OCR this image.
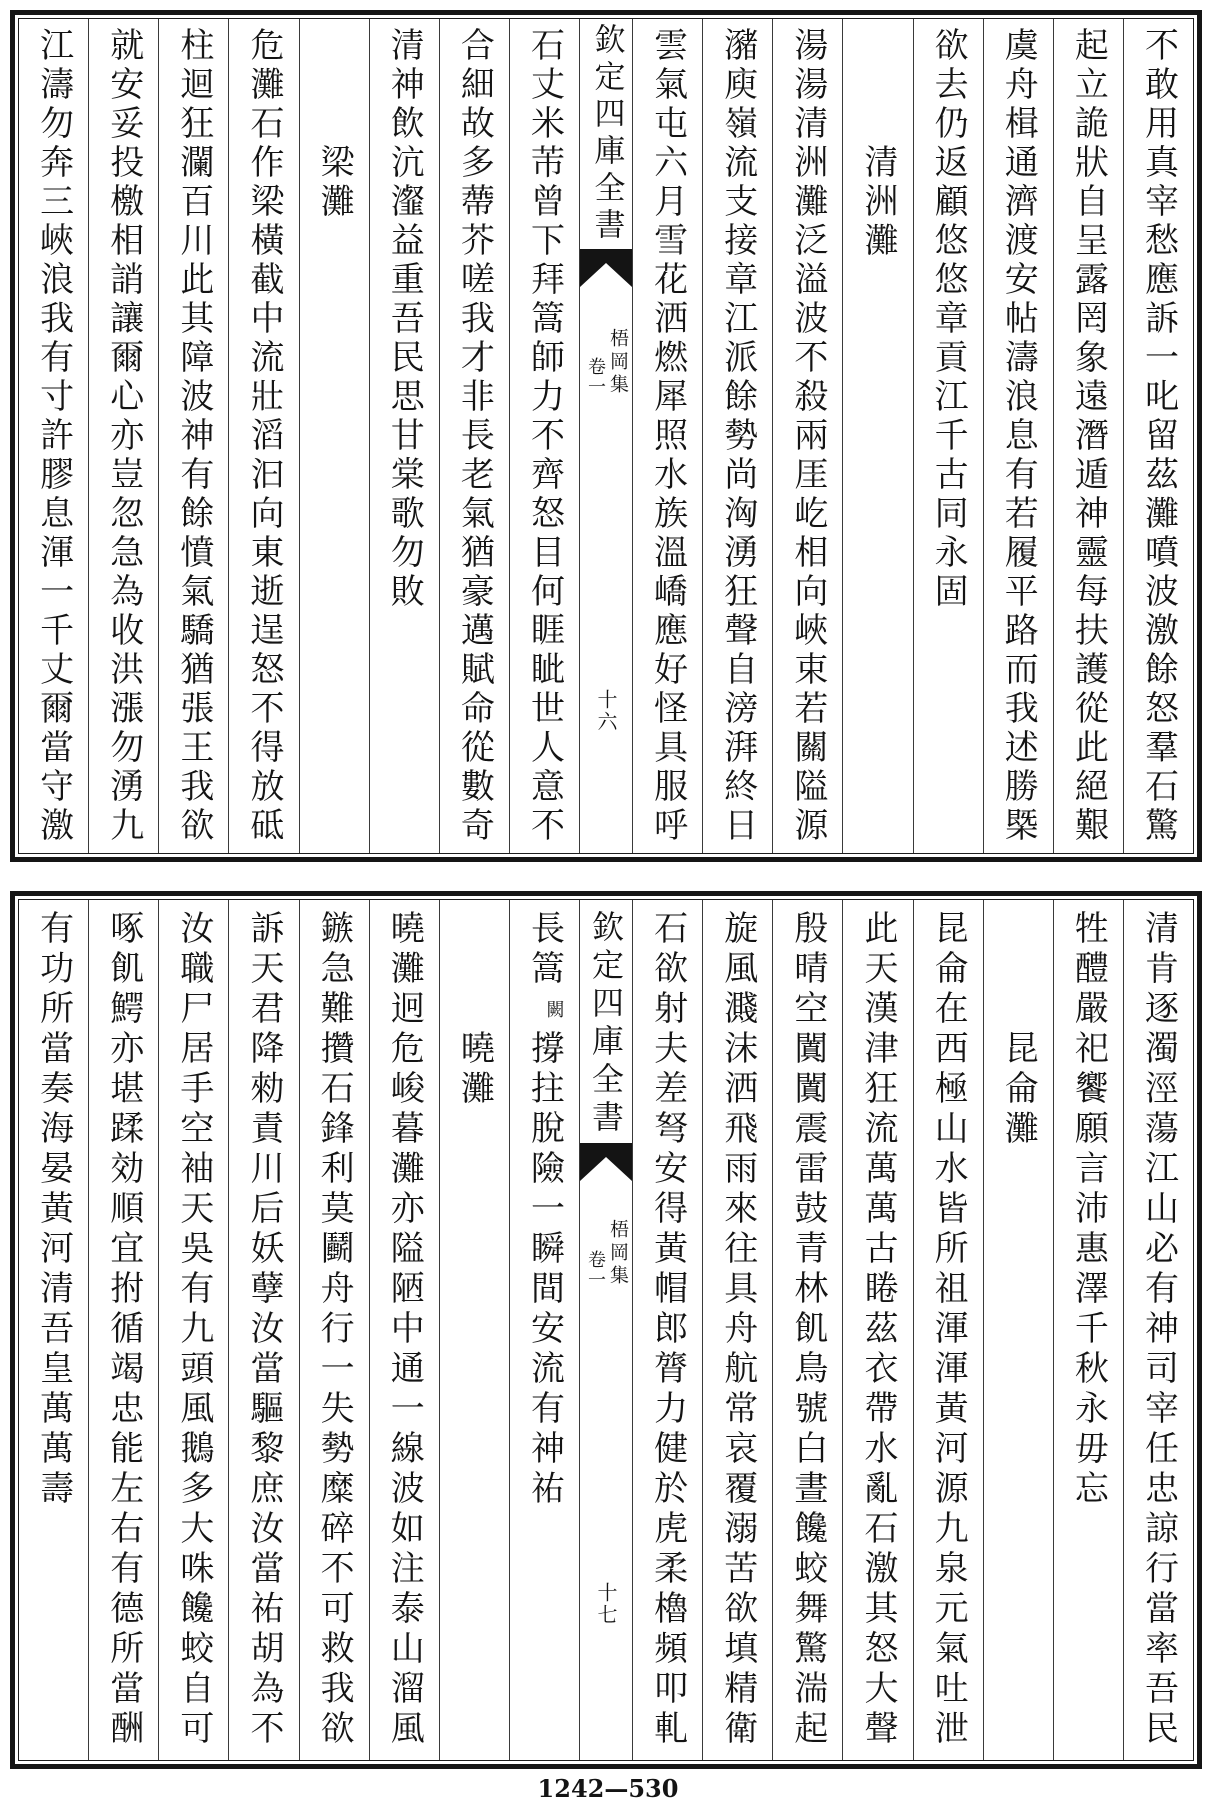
不敢用真宰愁應訴一叱留茲灘噴波激餘怒羣石驚
起立詭狀自呈露罔象遠潛遁神靈每扶護從此絕艱
虞舟楫通濟渡安帖濤浪息有若履平路而我述勝槩
欲去仍返顧悠悠章貢江千古同永固
清洲灘
湯湯清洲灘泛溢波不殺兩厓屹相向峽束若關隘源
瀦庾嶺流支接章江派餘勢尚洶湧狂聲自滂湃終日
雲氣屯六月雪花洒燃犀照水族溫嶠應好怪具服呼
欽定四庫全書
梧岡集
卷一
十六
石丈米芾曾下拜篙師力不齊怒目何睚眦世人意不
合細故多蔕芥嗟我才非長老氣猶豪邁賦命從數奇
清神飲沆瀣益重吾民思甘棠歌勿敗
梁灘
危灘石作梁橫截中流壯滔汩向東逝逞怒不得放砥
柱迴狂瀾百川此其障波神有餘憤氣驕猶張王我欲
就安妥投檄相誚讓爾心亦豈忽急為收洪漲勿湧九
江濤勿奔三峽浪我有寸許膠息渾一千丈爾當守激
清肯逐濁涇蕩江山必有神司宰任忠諒行當率吾民
牲醴嚴祀饗願言沛惠澤千秋永毋忘
昆侖灘
昆侖在西極山水皆所祖渾渾黃河源九泉元氣吐泄
此天漢津狂流萬萬古睠茲衣帶水亂石激其怒大聲
殷晴空闐闐震雷鼓青林飢鳥號白晝饞蛟舞驚湍起
旋風濺沫洒飛雨來往具舟航常哀覆溺苦欲填精衛
石欲射夫差弩安得黃帽郎膂力健於虎柔櫓頻叩軋
欽定四庫全書
梧岡集
卷一
十七
長篙闕撐拄脫險一瞬間安流有神祐
曉灘
曉灘迥危峻暮灘亦隘陋中通一線波如注泰山溜風
鏃急難攢石鋒利莫鬬舟行一失勢糜碎不可救我欲
訴天君降勑責川后妖孽汝當驅黎庶汝當祐胡為不
汝職尸居手空袖天吳有九頭風鵝多大咮饞蛟自可
啄飢鰐亦堪蹂効順宜拊循竭忠能左右有德所當酬
有功所當奏海晏黃河清吾皇萬萬壽
1242—530
